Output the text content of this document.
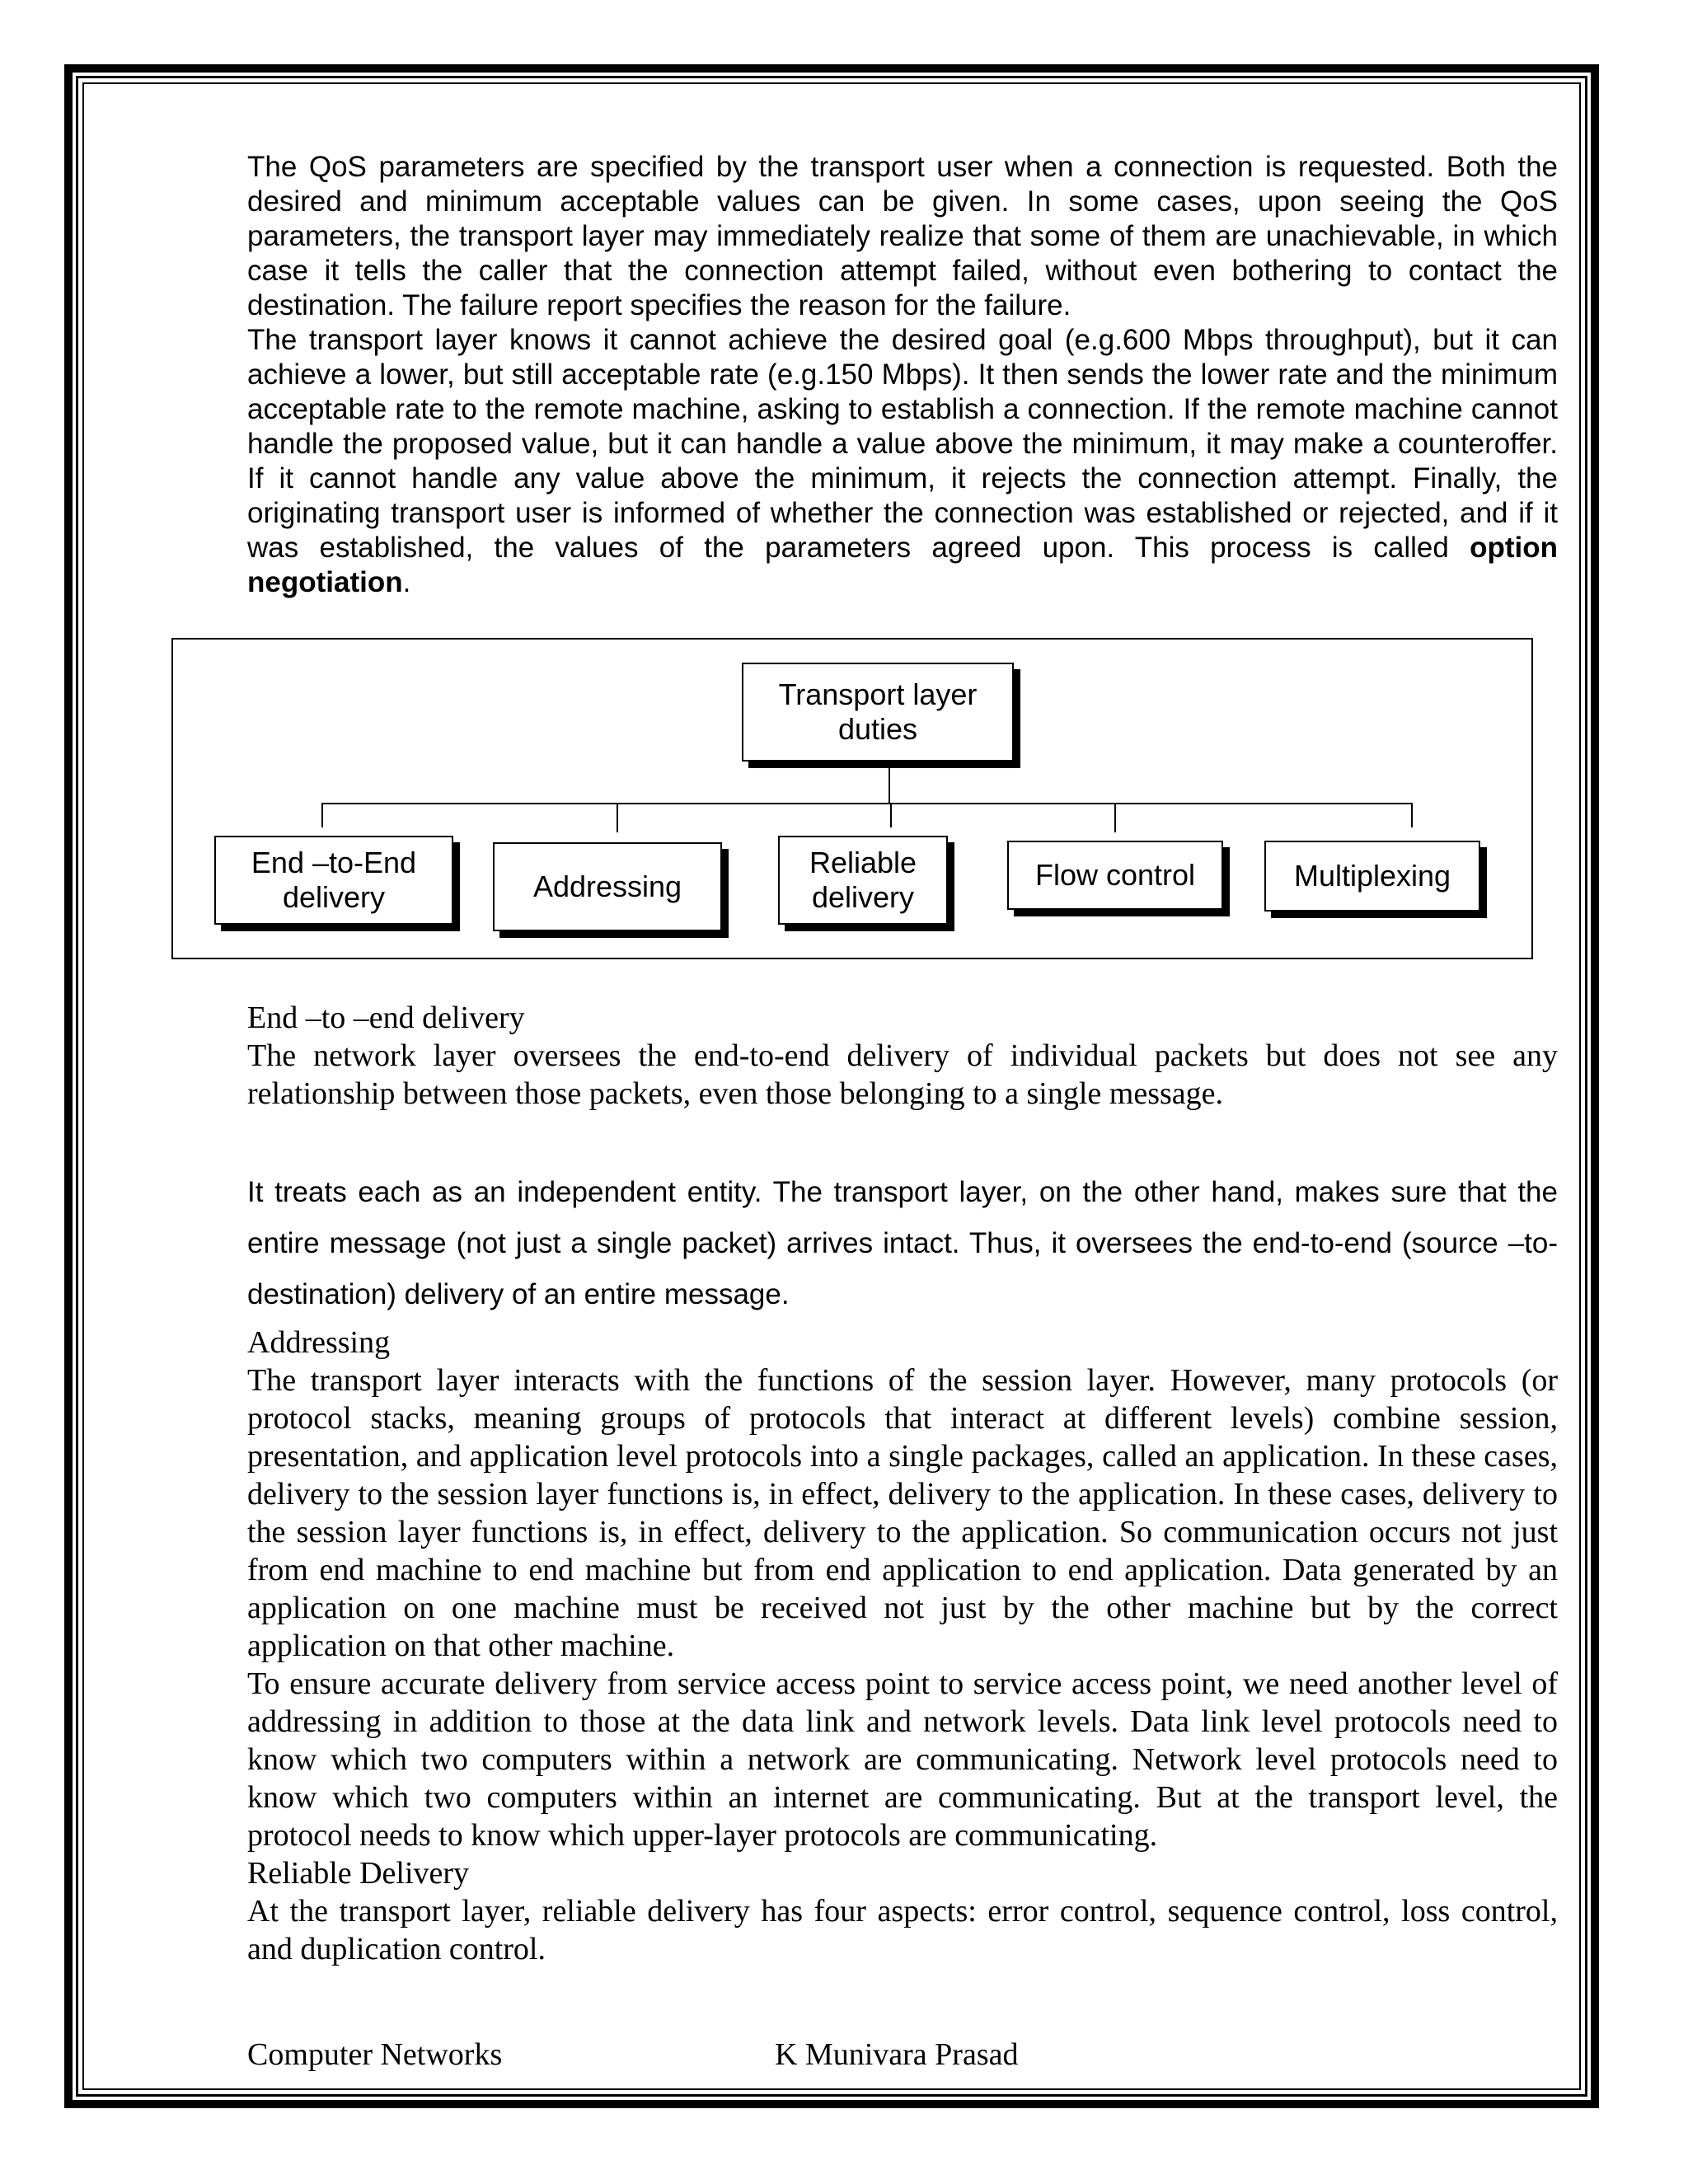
The QoS parameters are specified by the transport user when a connection is requested. Both the desired and minimum acceptable values can be given. In some cases, upon seeing the QoS parameters, the transport layer may immediately realize that some of them are unachievable, in which case it tells the caller that the connection attempt failed, without even bothering to contact the destination. The failure report specifies the reason for the failure.

The transport layer knows it cannot achieve the desired goal (e.g.600 Mbps throughput), but it can achieve a lower, but still acceptable rate (e.g.150 Mbps). It then sends the lower rate and the minimum acceptable rate to the remote machine, asking to establish a connection. If the remote machine cannot handle the proposed value, but it can handle a value above the minimum, it may make a counteroffer. If it cannot handle any value above the minimum, it rejects the connection attempt. Finally, the originating transport user is informed of whether the connection was established or rejected, and if it was established, the values of the parameters agreed upon. This process is called option negotiation.

Transport layer duties
End –to-End delivery	Addressing
Reliable delivery
Flow control	Multiplexing

End –to –end delivery

The network layer oversees the end-to-end delivery of individual packets but does not see any relationship between those packets, even those belonging to a single message.

It treats each as an independent entity. The transport layer, on the other hand, makes sure that the entire message (not just a single packet) arrives intact. Thus, it oversees the end-to-end (source –to-destination) delivery of an entire message.

Addressing

The transport layer interacts with the functions of the session layer. However, many protocols (or protocol stacks, meaning groups of protocols that interact at different levels) combine session, presentation, and application level protocols into a single packages, called an application. In these cases, delivery to the session layer functions is, in effect, delivery to the application. In these cases, delivery to the session layer functions is, in effect, delivery to the application. So communication occurs not just from end machine to end machine but from end application to end application. Data generated by an application on one machine must be received not just by the other machine but by the correct application on that other machine.

To ensure accurate delivery from service access point to service access point, we need another level of addressing in addition to those at the data link and network levels. Data link level protocols need to know which two computers within a network are communicating. Network level protocols need to know which two computers within an internet are communicating. But at the transport level, the protocol needs to know which upper-layer protocols are communicating.

Reliable Delivery

At the transport layer, reliable delivery has four aspects: error control, sequence control, loss control, and duplication control.

Computer Networks	K Munivara Prasad
